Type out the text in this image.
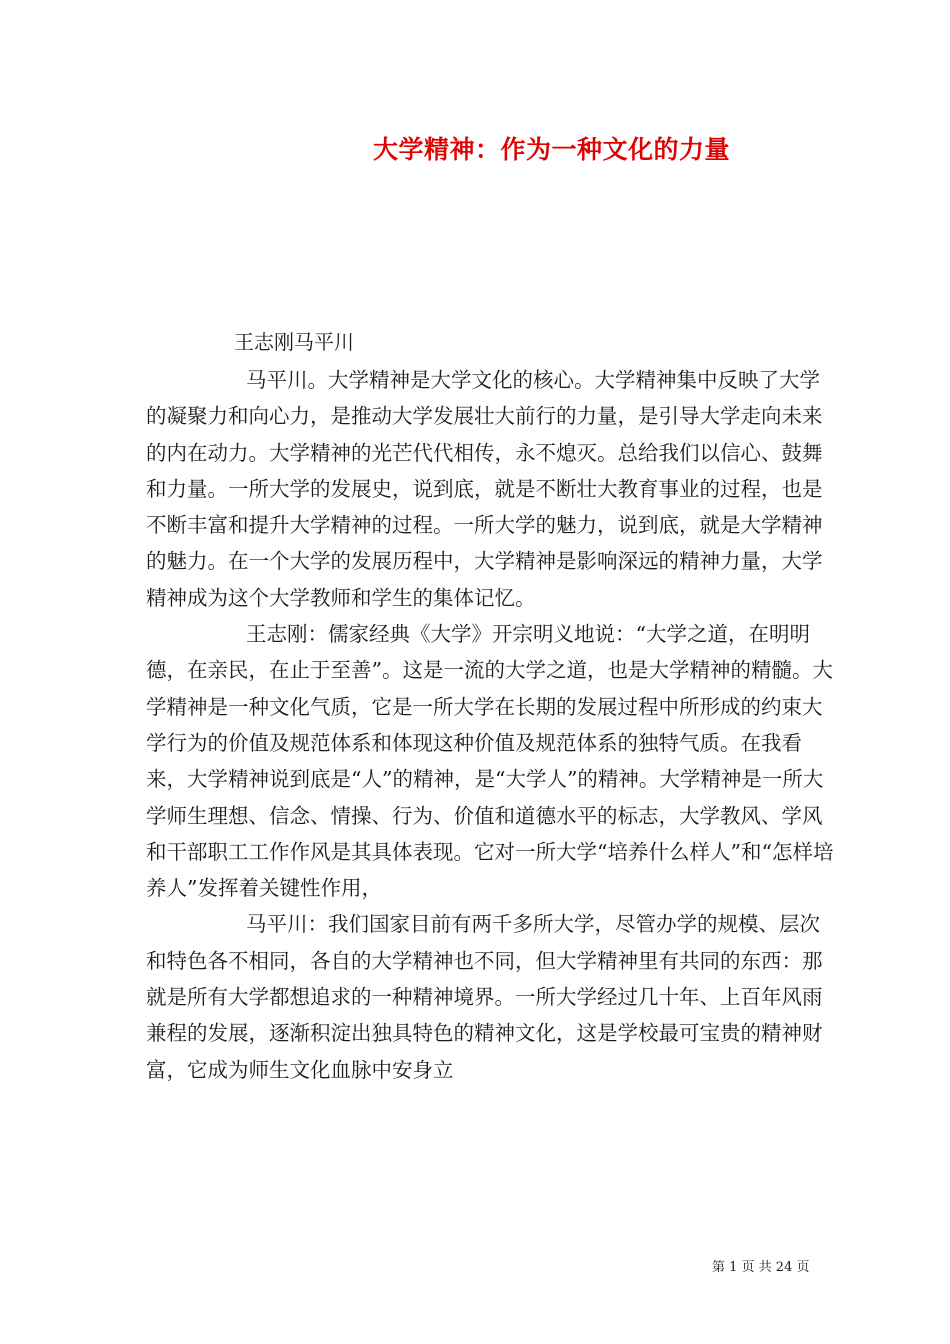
大学精神：作为一种文化的力量
王志刚马平川

马平川。大学精神是大学文化的核心。大学精神集中反映了大学的凝聚力和向心力，是推动大学发展壮大前行的力量，是引导大学走向未来的内在动力。大学精神的光芒代代相传，永不熄灭。总给我们以信心、鼓舞和力量。一所大学的发展史，说到底，就是不断壮大教育事业的过程，也是不断丰富和提升大学精神的过程。一所大学的魅力，说到底，就是大学精神的魅力。在一个大学的发展历程中，大学精神是影响深远的精神力量，大学精神成为这个大学教师和学生的集体记忆。

王志刚：儒家经典《大学》开宗明义地说：“大学之道，在明明德，在亲民，在止于至善”。这是一流的大学之道，也是大学精神的精髓。大学精神是一种文化气质，它是一所大学在长期的发展过程中所形成的约束大学行为的价值及规范体系和体现这种价值及规范体系的独特气质。在我看来，大学精神说到底是“人”的精神，是“大学人”的精神。大学精神是一所大学师生理想、信念、情操、行为、价值和道德水平的标志，大学教风、学风和干部职工工作作风是其具体表现。它对一所大学“培养什么样人”和“怎样培养人”发挥着关键性作用，

马平川：我们国家目前有两千多所大学，尽管办学的规模、层次和特色各不相同，各自的大学精神也不同，但大学精神里有共同的东西：那就是所有大学都想追求的一种精神境界。一所大学经过几十年、上百年风雨兼程的发展，逐渐积淀出独具特色的精神文化，这是学校最可宝贵的精神财富，它成为师生文化血脉中安身立

第 1 页 共 24 页
